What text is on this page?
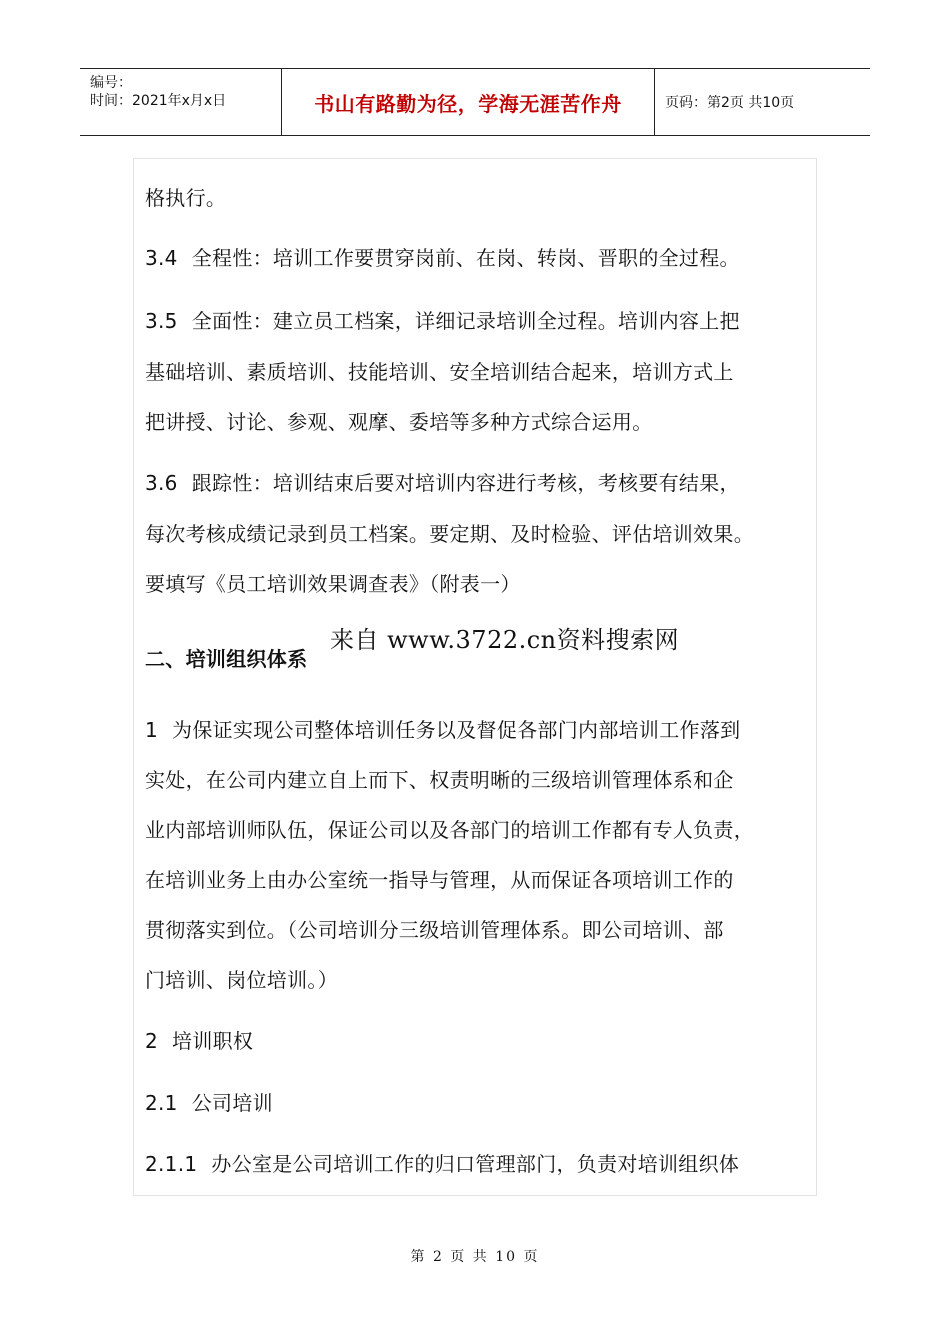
编号：
时间：2021年x月x日	书山有路勤为径，学海无涯苦作舟	页码：第2页 共10页
格执行。
3.4 全程性：培训工作要贯穿岗前、在岗、转岗、晋职的全过程。
3.5 全面性：建立员工档案，详细记录培训全过程。培训内容上把
基础培训、素质培训、技能培训、安全培训结合起来，培训方式上
把讲授、讨论、参观、观摩、委培等多种方式综合运用。
3.6 跟踪性：培训结束后要对培训内容进行考核，考核要有结果，
每次考核成绩记录到员工档案。要定期、及时检验、评估培训效果。
要填写《员工培训效果调查表》（附表一）
二、培训组织体系
来自 www.3722.cn资料搜索网
1 为保证实现公司整体培训任务以及督促各部门内部培训工作落到
实处，在公司内建立自上而下、权责明晰的三级培训管理体系和企
业内部培训师队伍，保证公司以及各部门的培训工作都有专人负责，
在培训业务上由办公室统一指导与管理，从而保证各项培训工作的
贯彻落实到位。（公司培训分三级培训管理体系。即公司培训、部
门培训、岗位培训。）
2 培训职权
2.1 公司培训
2.1.1 办公室是公司培训工作的归口管理部门，负责对培训组织体
第 2 页 共 10 页
